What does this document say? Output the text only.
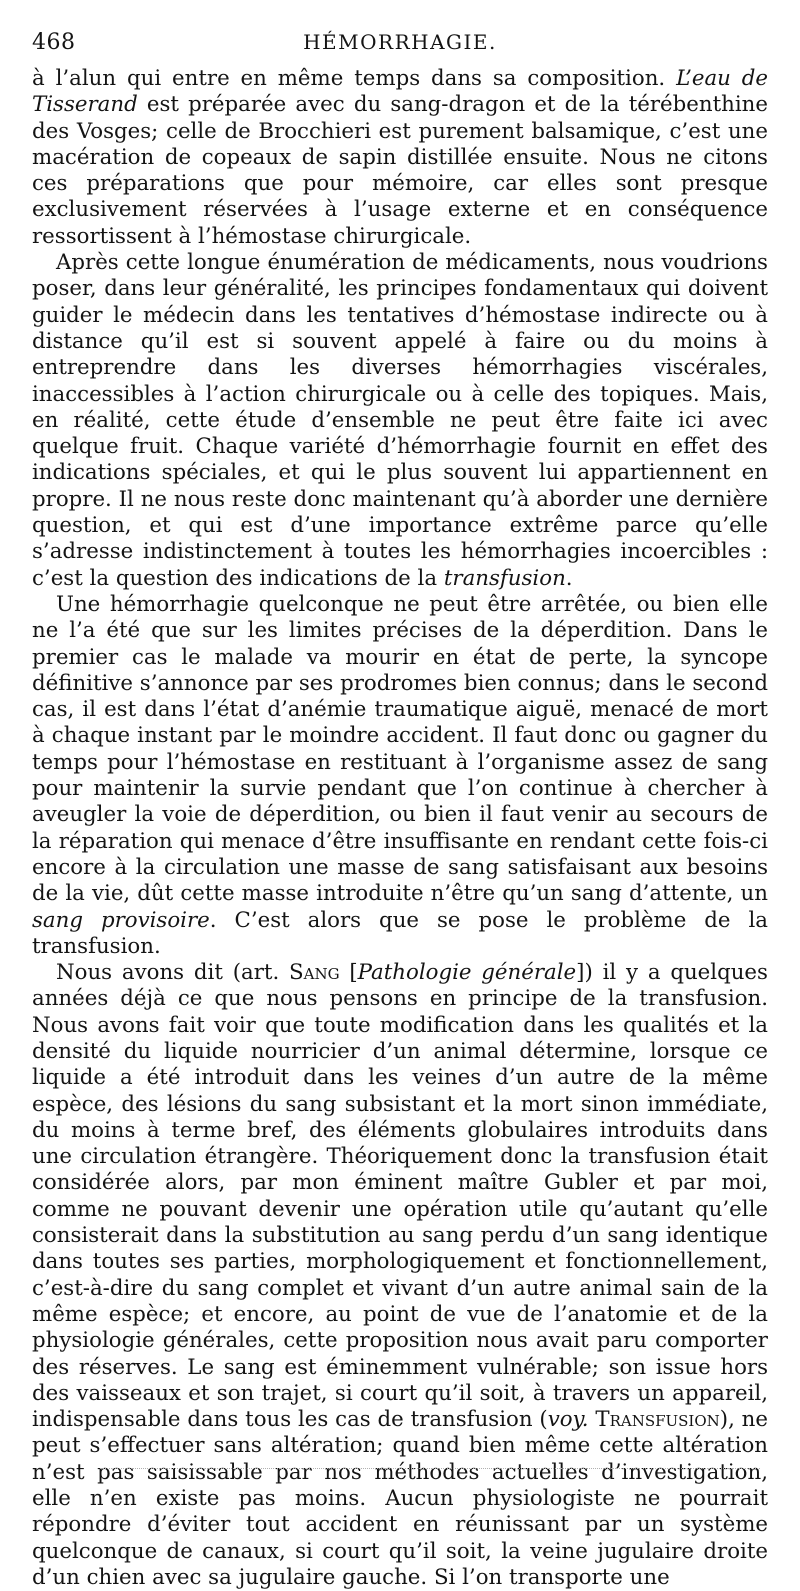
468	HÉMORRHAGIE.

à l’alun qui entre en même temps dans sa composition. L’eau de Tisserand est préparée avec du sang-dragon et de la térébenthine des Vosges; celle de Brocchieri est purement balsamique, c’est une macération de copeaux de sapin distillée ensuite. Nous ne citons ces préparations que pour mémoire, car elles sont presque exclusivement réservées à l’usage externe et en conséquence ressortissent à l’hémostase chirurgicale.

Après cette longue énumération de médicaments, nous voudrions poser, dans leur généralité, les principes fondamentaux qui doivent guider le médecin dans les tentatives d’hémostase indirecte ou à distance qu’il est si souvent appelé à faire ou du moins à entreprendre dans les diverses hémorrhagies viscérales, inaccessibles à l’action chirurgicale ou à celle des topiques. Mais, en réalité, cette étude d’ensemble ne peut être faite ici avec quelque fruit. Chaque variété d’hémorrhagie fournit en effet des indications spéciales, et qui le plus souvent lui appartiennent en propre. Il ne nous reste donc maintenant qu’à aborder une dernière question, et qui est d’une importance extrême parce qu’elle s’adresse indistinctement à toutes les hémorrhagies incoercibles : c’est la question des indications de la transfusion.

Une hémorrhagie quelconque ne peut être arrêtée, ou bien elle ne l’a été que sur les limites précises de la déperdition. Dans le premier cas le malade va mourir en état de perte, la syncope définitive s’annonce par ses prodromes bien connus; dans le second cas, il est dans l’état d’anémie traumatique aiguë, menacé de mort à chaque instant par le moindre accident. Il faut donc ou gagner du temps pour l’hémostase en restituant à l’organisme assez de sang pour maintenir la survie pendant que l’on continue à chercher à aveugler la voie de déperdition, ou bien il faut venir au secours de la réparation qui menace d’être insuffisante en rendant cette fois-ci encore à la circulation une masse de sang satisfaisant aux besoins de la vie, dût cette masse introduite n’être qu’un sang d’attente, un sang provisoire. C’est alors que se pose le problème de la transfusion.

Nous avons dit (art. Sang [Pathologie générale]) il y a quelques années déjà ce que nous pensons en principe de la transfusion. Nous avons fait voir que toute modification dans les qualités et la densité du liquide nourricier d’un animal détermine, lorsque ce liquide a été introduit dans les veines d’un autre de la même espèce, des lésions du sang subsistant et la mort sinon immédiate, du moins à terme bref, des éléments globulaires introduits dans une circulation étrangère. Théoriquement donc la transfusion était considérée alors, par mon éminent maître Gubler et par moi, comme ne pouvant devenir une opération utile qu’autant qu’elle consisterait dans la substitution au sang perdu d’un sang identique dans toutes ses parties, morphologiquement et fonctionnellement, c’est-à-dire du sang complet et vivant d’un autre animal sain de la même espèce; et encore, au point de vue de l’anatomie et de la physiologie générales, cette proposition nous avait paru comporter des réserves. Le sang est éminemment vulnérable; son issue hors des vaisseaux et son trajet, si court qu’il soit, à travers un appareil, indispensable dans tous les cas de transfusion (voy. Transfusion), ne peut s’effectuer sans altération; quand bien même cette altération n’est pas saisissable par nos méthodes actuelles d’investigation, elle n’en existe pas moins. Aucun physiologiste ne pourrait répondre d’éviter tout accident en réunissant par un système quelconque de canaux, si court qu’il soit, la veine jugulaire droite d’un chien avec sa jugulaire gauche. Si l’on transporte une
